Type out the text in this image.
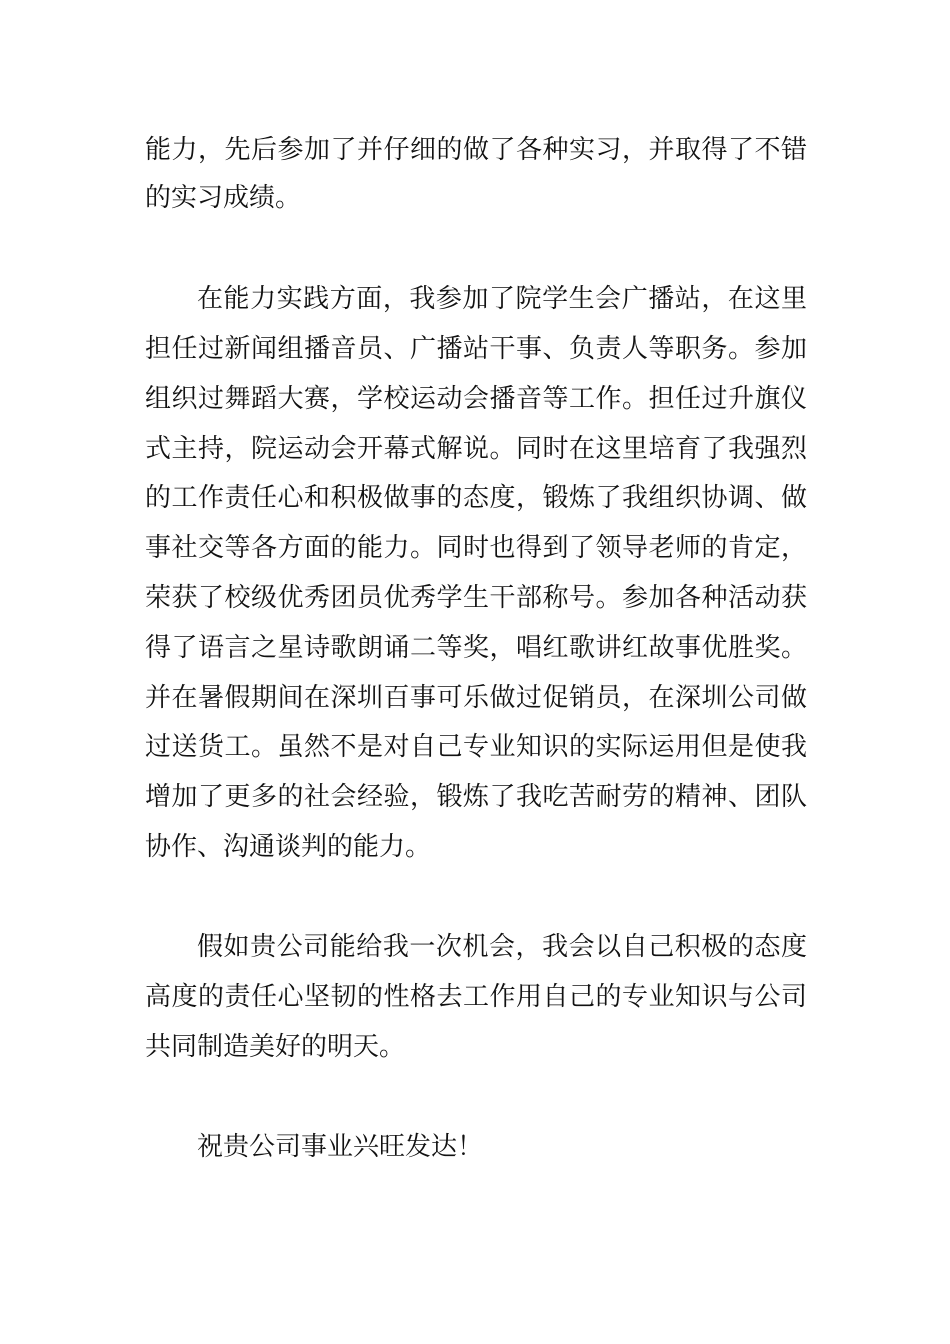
能力，先后参加了并仔细的做了各种实习，并取得了不错

的实习成绩。

在能力实践方面，我参加了院学生会广播站，在这里

担任过新闻组播音员、广播站干事、负责人等职务。参加

组织过舞蹈大赛，学校运动会播音等工作。担任过升旗仪

式主持，院运动会开幕式解说。同时在这里培育了我强烈

的工作责任心和积极做事的态度，锻炼了我组织协调、做

事社交等各方面的能力。同时也得到了领导老师的肯定，

荣获了校级优秀团员优秀学生干部称号。参加各种活动获

得了语言之星诗歌朗诵二等奖，唱红歌讲红故事优胜奖。

并在暑假期间在深圳百事可乐做过促销员，在深圳公司做

过送货工。虽然不是对自己专业知识的实际运用但是使我

增加了更多的社会经验，锻炼了我吃苦耐劳的精神、团队

协作、沟通谈判的能力。

假如贵公司能给我一次机会，我会以自己积极的态度

高度的责任心坚韧的性格去工作用自己的专业知识与公司

共同制造美好的明天。

祝贵公司事业兴旺发达！
